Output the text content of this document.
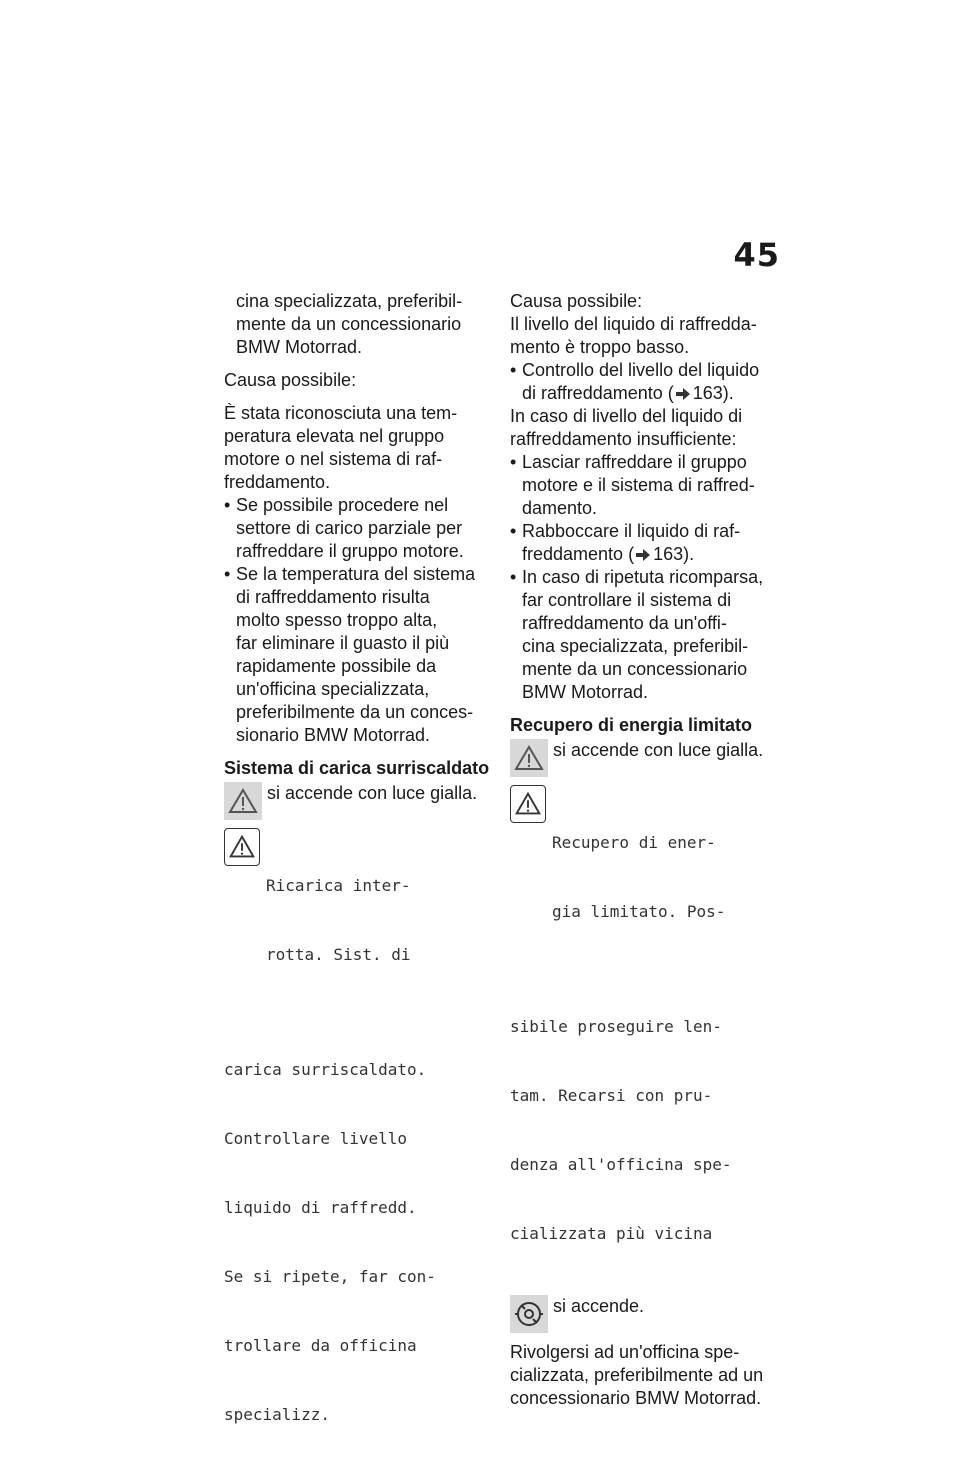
45
cina specializzata, preferibil-
mente da un concessionario
BMW Motorrad.
Causa possibile:
È stata riconosciuta una tem-
peratura elevata nel gruppo
motore o nel sistema di raf-
freddamento.
• Se possibile procedere nel
settore di carico parziale per
raffreddare il gruppo motore.
• Se la temperatura del sistema
di raffreddamento risulta
molto spesso troppo alta,
far eliminare il guasto il più
rapidamente possibile da
un'officina specializzata,
preferibilmente da un conces-
sionario BMW Motorrad.
Sistema di carica surriscaldato
si accende con luce gialla.

Ricarica inter-

rotta. Sist. di

carica surriscaldato.

Controllare livello

liquido di raffredd.

Se si ripete, far con-

trollare da officina

specializz.

Causa possibile:
Il livello del liquido di raffredda-
mento è troppo basso.
• Controllo del livello del liquido
di raffreddamento ( 163).
In caso di livello del liquido di
raffreddamento insufficiente:
• Lasciar raffreddare il gruppo
motore e il sistema di raffred-
damento.
• Rabboccare il liquido di raf-
freddamento ( 163).
• In caso di ripetuta ricomparsa,
far controllare il sistema di
raffreddamento da un'offi-
cina specializzata, preferibil-
mente da un concessionario
BMW Motorrad.
Recupero di energia limitato
si accende con luce gialla.

Recupero di ener-

gia limitato. Pos-

sibile proseguire len-

tam. Recarsi con pru-

denza all'officina spe-

cializzata più vicina

si accende.
Rivolgersi ad un'officina spe-
cializzata, preferibilmente ad un
concessionario BMW Motorrad.
